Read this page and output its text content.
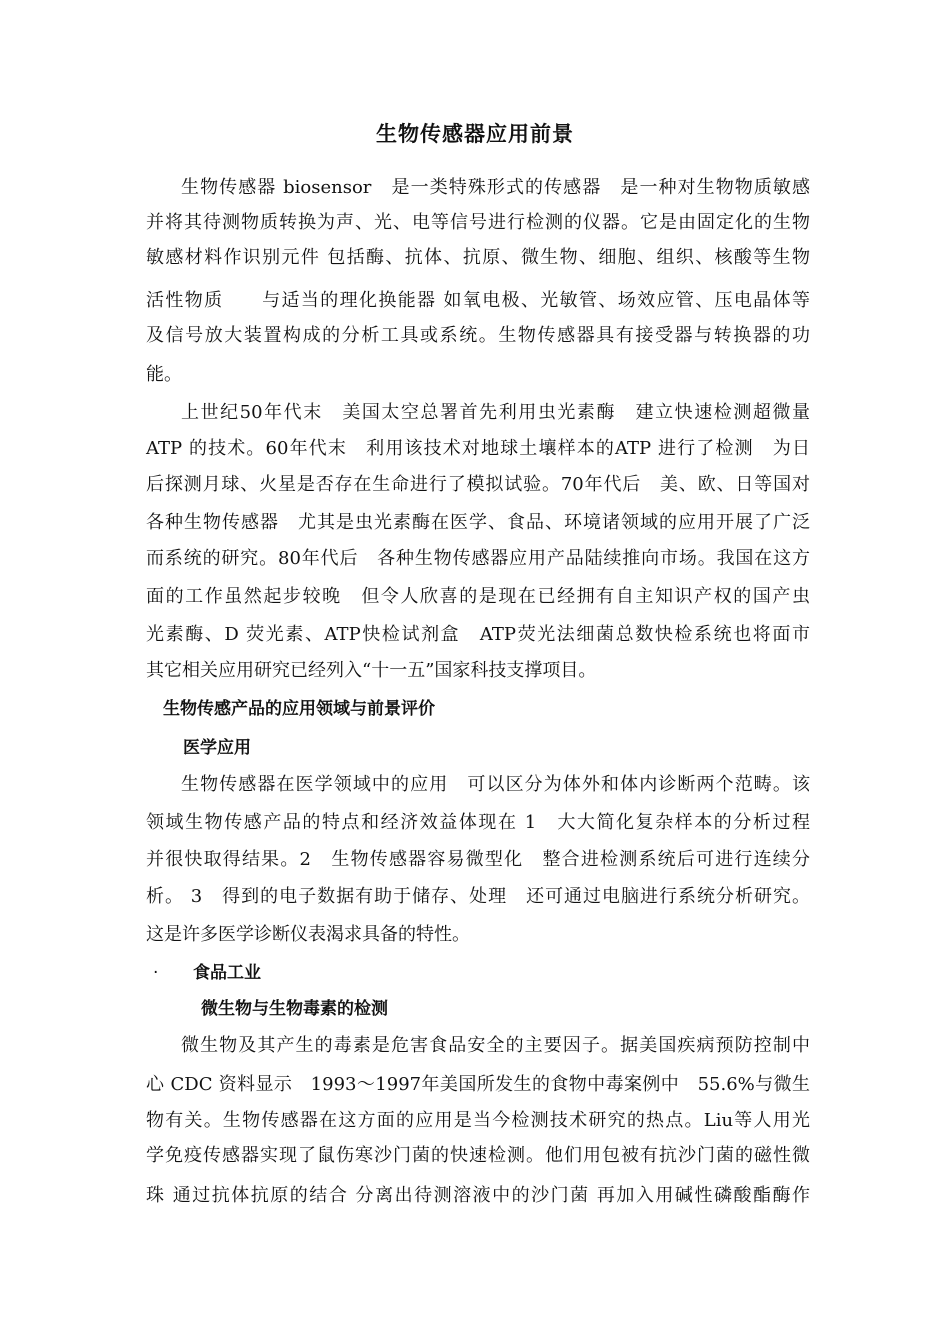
生物传感器应用前景

生物传感器 biosensor　是一类特殊形式的传感器　是一种对生物物质敏感

并将其待测物质转换为声、光、电等信号进行检测的仪器。它是由固定化的生物

敏感材料作识别元件 包括酶、抗体、抗原、微生物、细胞、组织、核酸等生物

活性物质　　与适当的理化换能器 如氧电极、光敏管、场效应管、压电晶体等

及信号放大装置构成的分析工具或系统。生物传感器具有接受器与转换器的功

能。

上世纪50年代末　美国太空总署首先利用虫光素酶　建立快速检测超微量

ATP 的技术。60年代末　利用该技术对地球土壤样本的ATP 进行了检测　为日

后探测月球、火星是否存在生命进行了模拟试验。70年代后　美、欧、日等国对

各种生物传感器　尤其是虫光素酶在医学、食品、环境诸领域的应用开展了广泛

而系统的研究。80年代后　各种生物传感器应用产品陆续推向市场。我国在这方

面的工作虽然起步较晚　但令人欣喜的是现在已经拥有自主知识产权的国产虫

光素酶、D 荧光素、ATP快检试剂盒　ATP荧光法细菌总数快检系统也将面市

其它相关应用研究已经列入“十一五”国家科技支撑项目。

生物传感产品的应用领域与前景评价
医学应用

生物传感器在医学领域中的应用　可以区分为体外和体内诊断两个范畴。该

领域生物传感产品的特点和经济效益体现在 1　大大简化复杂样本的分析过程

并很快取得结果。2　生物传感器容易微型化　整合进检测系统后可进行连续分

析。 3　得到的电子数据有助于储存、处理　还可通过电脑进行系统分析研究。

这是许多医学诊断仪表渴求具备的特性。

. 食品工业
微生物与生物毒素的检测

微生物及其产生的毒素是危害食品安全的主要因子。据美国疾病预防控制中

心 CDC 资料显示　1993～1997年美国所发生的食物中毒案例中　55.6%与微生

物有关。生物传感器在这方面的应用是当今检测技术研究的热点。Liu等人用光

学免疫传感器实现了鼠伤寒沙门菌的快速检测。他们用包被有抗沙门菌的磁性微

珠 通过抗体抗原的结合 分离出待测溶液中的沙门菌 再加入用碱性磷酸酯酶作
